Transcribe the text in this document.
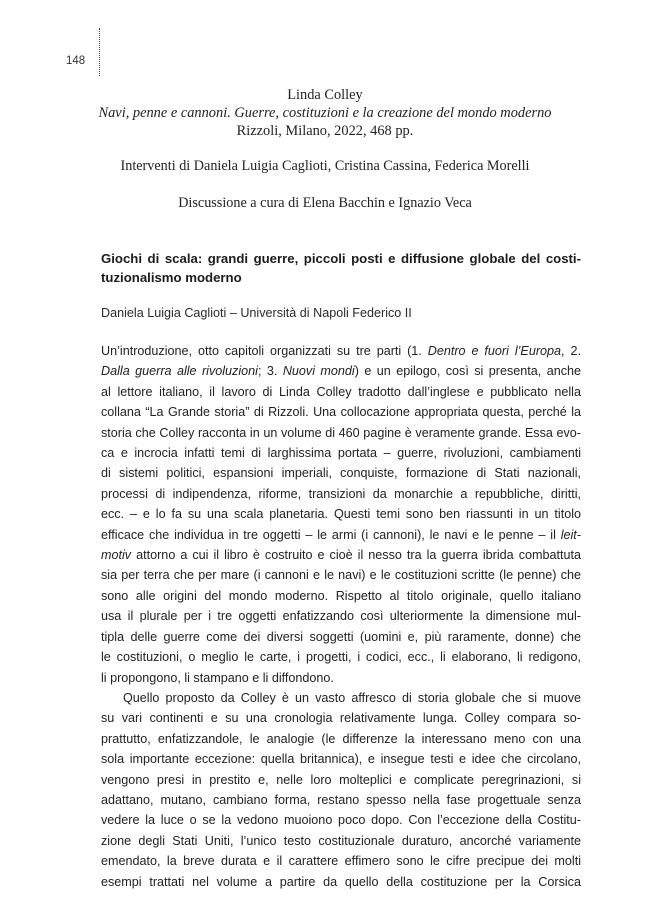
148
Linda Colley
Navi, penne e cannoni. Guerre, costituzioni e la creazione del mondo moderno
Rizzoli, Milano, 2022, 468 pp.
Interventi di Daniela Luigia Caglioti, Cristina Cassina, Federica Morelli
Discussione a cura di Elena Bacchin e Ignazio Veca
Giochi di scala: grandi guerre, piccoli posti e diffusione globale del costi-
tuzionalismo moderno
Daniela Luigia Caglioti – Università di Napoli Federico II
Un’introduzione, otto capitoli organizzati su tre parti (1. Dentro e fuori l’Europa, 2.
Dalla guerra alle rivoluzioni; 3. Nuovi mondi) e un epilogo, così si presenta, anche
al lettore italiano, il lavoro di Linda Colley tradotto dall’inglese e pubblicato nella
collana “La Grande storia” di Rizzoli. Una collocazione appropriata questa, perché la
storia che Colley racconta in un volume di 460 pagine è veramente grande. Essa evo-
ca e incrocia infatti temi di larghissima portata – guerre, rivoluzioni, cambiamenti
di sistemi politici, espansioni imperiali, conquiste, formazione di Stati nazionali,
processi di indipendenza, riforme, transizioni da monarchie a repubbliche, diritti,
ecc. – e lo fa su una scala planetaria. Questi temi sono ben riassunti in un titolo
efficace che individua in tre oggetti – le armi (i cannoni), le navi e le penne – il leit-
motiv attorno a cui il libro è costruito e cioè il nesso tra la guerra ibrida combattuta
sia per terra che per mare (i cannoni e le navi) e le costituzioni scritte (le penne) che
sono alle origini del mondo moderno. Rispetto al titolo originale, quello italiano
usa il plurale per i tre oggetti enfatizzando così ulteriormente la dimensione mul-
tipla delle guerre come dei diversi soggetti (uomini e, più raramente, donne) che
le costituzioni, o meglio le carte, i progetti, i codici, ecc., li elaborano, li redigono,
li propongono, li stampano e li diffondono.
Quello proposto da Colley è un vasto affresco di storia globale che si muove
su vari continenti e su una cronologia relativamente lunga. Colley compara so-
prattutto, enfatizzandole, le analogie (le differenze la interessano meno con una
sola importante eccezione: quella britannica), e insegue testi e idee che circolano,
vengono presi in prestito e, nelle loro molteplici e complicate peregrinazioni, si
adattano, mutano, cambiano forma, restano spesso nella fase progettuale senza
vedere la luce o se la vedono muoiono poco dopo. Con l’eccezione della Costitu-
zione degli Stati Uniti, l’unico testo costituzionale duraturo, ancorché variamente
emendato, la breve durata e il carattere effimero sono le cifre precipue dei molti
esempi trattati nel volume a partire da quello della costituzione per la Corsica
